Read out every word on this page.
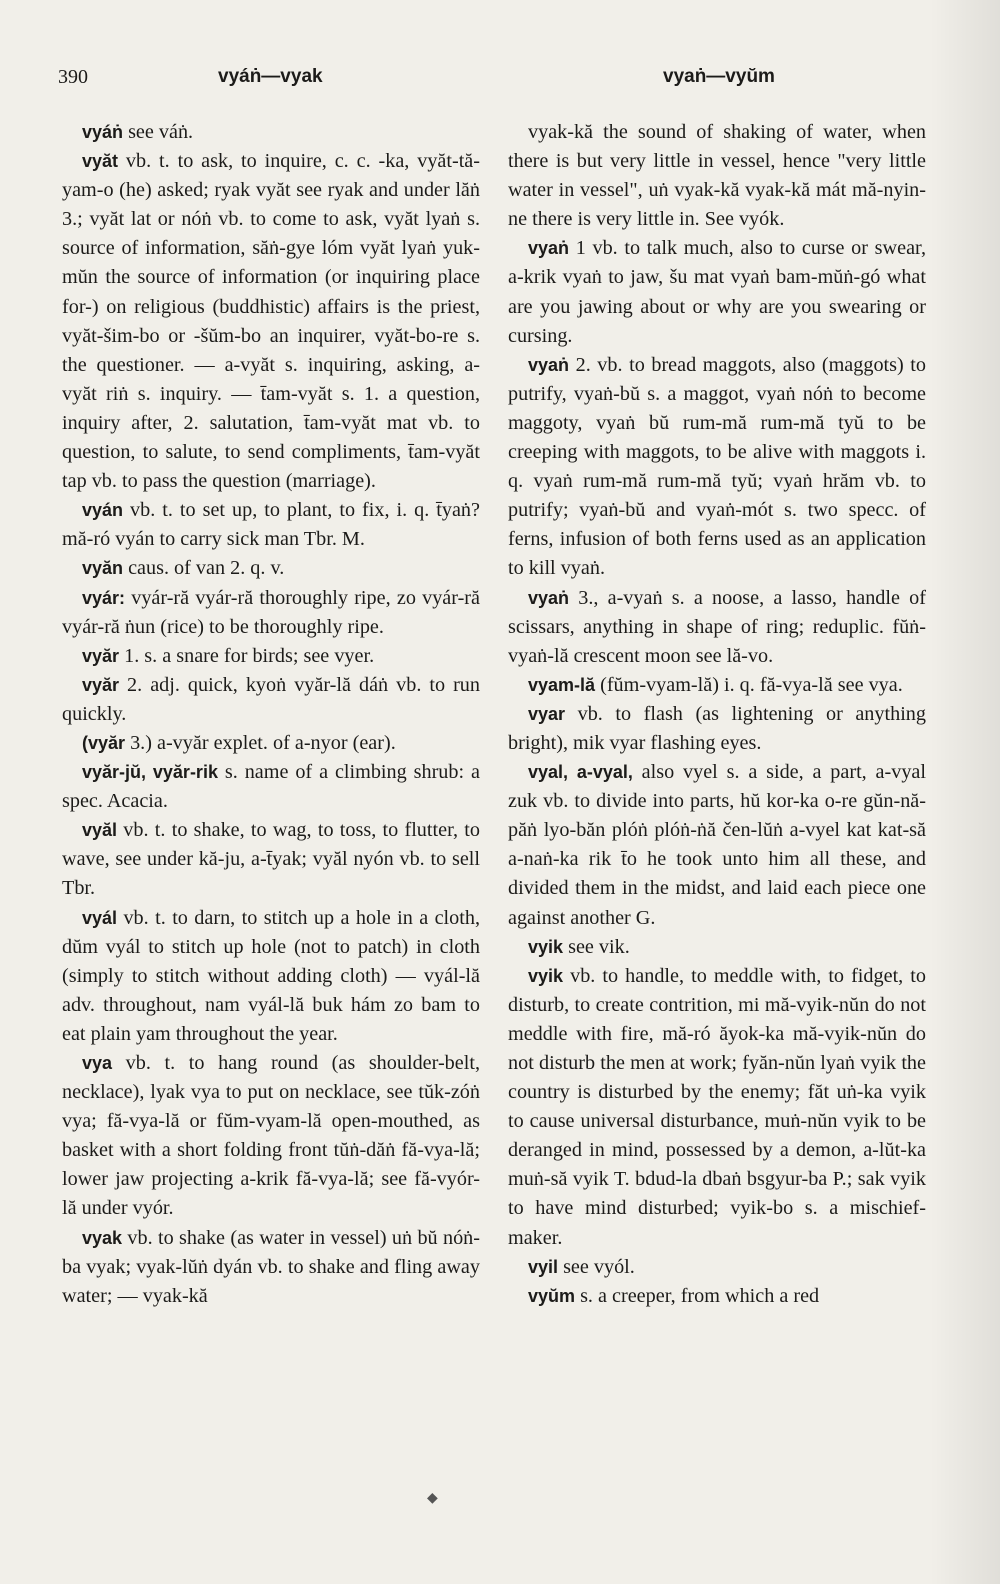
390	vyáṅ—vyak	vyaṅ—vyŭm

vyáṅ see váṅ.

vyăt vb. t. to ask, to inquire, c. c. -ka, vyăt-tă-yam-o (he) asked; ryak vyăt see ryak and under lăṅ 3.; vyăt lat or nóṅ vb. to come to ask, vyăt lyaṅ s. source of information, săṅ-gye lóm vyăt lyaṅ yuk-mŭn the source of information (or inquiring place for-) on religious (buddhistic) affairs is the priest, vyăt-šim-bo or -šŭm-bo an inquirer, vyăt-bo-re s. the questioner. — a-vyăt s. inquiring, asking, a-vyăt riṅ s. inquiry. — t̄am-vyăt s. 1. a question, inquiry after, 2. salutation, t̄am-vyăt mat vb. to question, to salute, to send compliments, t̄am-vyăt tap vb. to pass the question (marriage).

vyán vb. t. to set up, to plant, to fix, i. q. t̄yaṅ? mă-ró vyán to carry sick man Tbr. M.

vyăn caus. of van 2. q. v.

vyár: vyár-ră vyár-ră thoroughly ripe, zo vyár-ră vyár-ră ṅun (rice) to be thoroughly ripe.

vyăr 1. s. a snare for birds; see vyer.

vyăr 2. adj. quick, kyoṅ vyăr-lă dáṅ vb. to run quickly.

(vyăr 3.) a-vyăr explet. of a-nyor (ear).

vyăr-jŭ, vyăr-rik s. name of a climbing shrub: a spec. Acacia.

vyăl vb. t. to shake, to wag, to toss, to flutter, to wave, see under kă-ju, a-t̄yak; vyăl nyón vb. to sell Tbr.

vyál vb. t. to darn, to stitch up a hole in a cloth, dŭm vyál to stitch up hole (not to patch) in cloth (simply to stitch without adding cloth) — vyál-lă adv. throughout, nam vyál-lă buk hám zo bam to eat plain yam throughout the year.

vya vb. t. to hang round (as shoulder-belt, necklace), lyak vya to put on necklace, see tŭk-zóṅ vya; fă-vya-lă or fŭm-vyam-lă open-mouthed, as basket with a short folding front tŭṅ-dăṅ fă-vya-lă; lower jaw projecting a-krik fă-vya-lă; see fă-vyór-lă under vyór.

vyak vb. to shake (as water in vessel) uṅ bŭ nóṅ-ba vyak; vyak-lŭṅ dyán vb. to shake and fling away water; — vyak-kă

vyak-kă the sound of shaking of water, when there is but very little in vessel, hence "very little water in vessel", uṅ vyak-kă vyak-kă mát mă-nyin-ne there is very little in. See vyók.

vyaṅ 1 vb. to talk much, also to curse or swear, a-krik vyaṅ to jaw, šu mat vyaṅ bam-mŭṅ-gó what are you jawing about or why are you swearing or cursing.

vyaṅ 2. vb. to bread maggots, also (maggots) to putrify, vyaṅ-bŭ s. a maggot, vyaṅ nóṅ to become maggoty, vyaṅ bŭ rum-mă rum-mă tyŭ to be creeping with maggots, to be alive with maggots i. q. vyaṅ rum-mă rum-mă tyŭ; vyaṅ hrăm vb. to putrify; vyaṅ-bŭ and vyaṅ-mót s. two specc. of ferns, infusion of both ferns used as an application to kill vyaṅ.

vyaṅ 3., a-vyaṅ s. a noose, a lasso, handle of scissars, anything in shape of ring; reduplic. fŭṅ-vyaṅ-lă crescent moon see lă-vo.

vyam-lă (fŭm-vyam-lă) i. q. fă-vya-lă see vya.

vyar vb. to flash (as lightening or anything bright), mik vyar flashing eyes.

vyal, a-vyal, also vyel s. a side, a part, a-vyal zuk vb. to divide into parts, hŭ kor-ka o-re gŭn-nă-păṅ lyo-băn plóṅ plóṅ-ṅă čen-lŭṅ a-vyel kat kat-să a-naṅ-ka rik t̄o he took unto him all these, and divided them in the midst, and laid each piece one against another G.

vyik see vik.

vyik vb. to handle, to meddle with, to fidget, to disturb, to create contrition, mi mă-vyik-nŭn do not meddle with fire, mă-ró ăyok-ka mă-vyik-nŭn do not disturb the men at work; fyăn-nŭn lyaṅ vyik the country is disturbed by the enemy; făt uṅ-ka vyik to cause universal disturbance, muṅ-nŭn vyik to be deranged in mind, possessed by a demon, a-lŭt-ka muṅ-să vyik T. bdud-la dbaṅ bsgyur-ba P.; sak vyik to have mind disturbed; vyik-bo s. a mischief-maker.

vyil see vyól.

vyŭm s. a creeper, from which a red

◆
